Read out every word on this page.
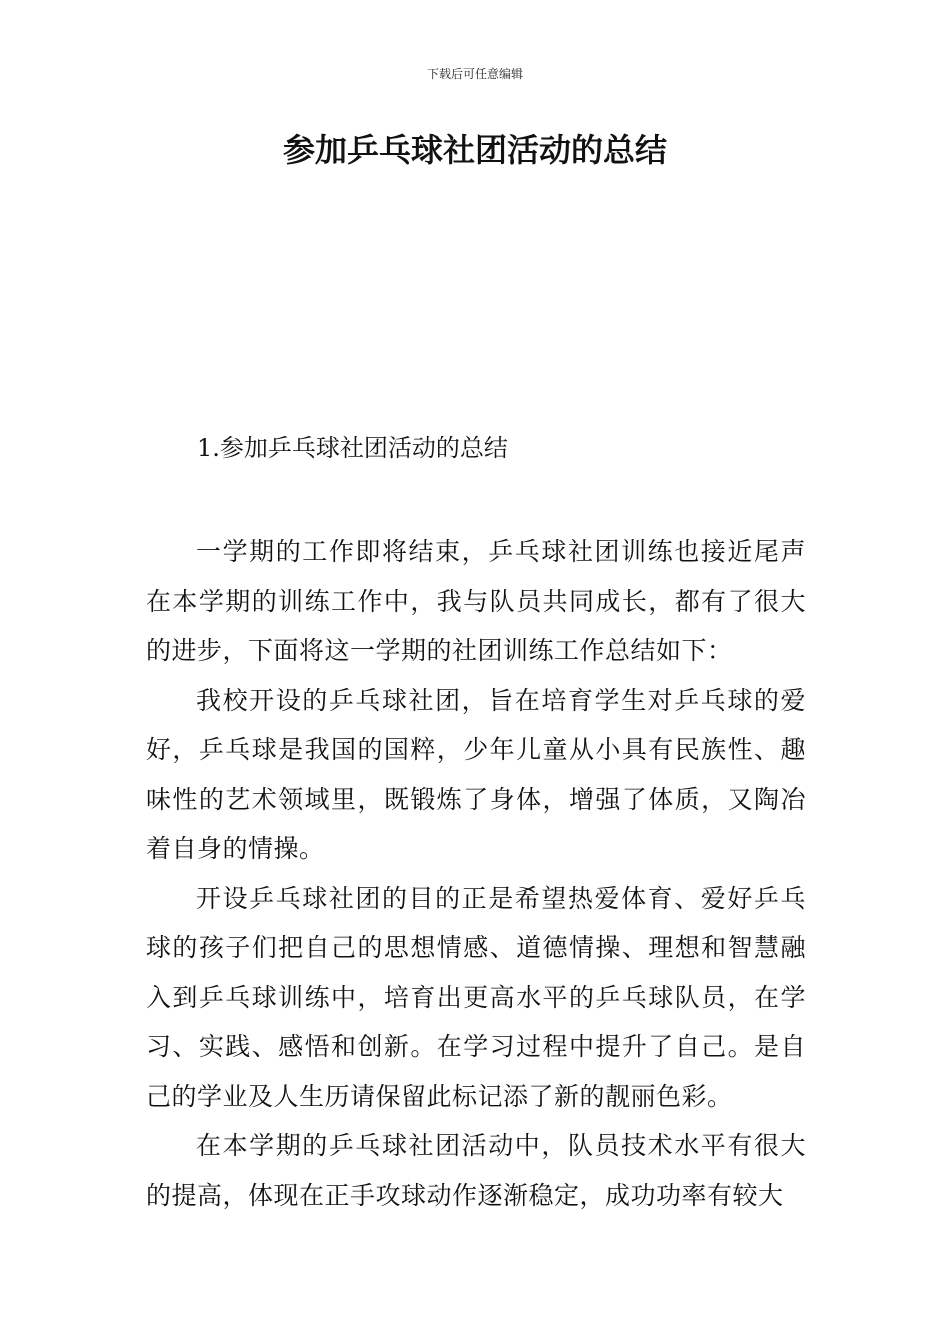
下载后可任意编辑
参加乒乓球社团活动的总结
1.参加乒乓球社团活动的总结

一学期的工作即将结束，乒乓球社团训练也接近尾声在本学期的训练工作中，我与队员共同成长，都有了很大的进步，下面将这一学期的社团训练工作总结如下：

我校开设的乒乓球社团，旨在培育学生对乒乓球的爱好，乒乓球是我国的国粹，少年儿童从小具有民族性、趣味性的艺术领域里，既锻炼了身体，增强了体质，又陶冶着自身的情操。

开设乒乓球社团的目的正是希望热爱体育、爱好乒乓球的孩子们把自己的思想情感、道德情操、理想和智慧融入到乒乓球训练中，培育出更高水平的乒乓球队员，在学习、实践、感悟和创新。在学习过程中提升了自己。是自己的学业及人生历请保留此标记添了新的靓丽色彩。

在本学期的乒乓球社团活动中，队员技术水平有很大的提高，体现在正手攻球动作逐渐稳定，成功功率有较大
